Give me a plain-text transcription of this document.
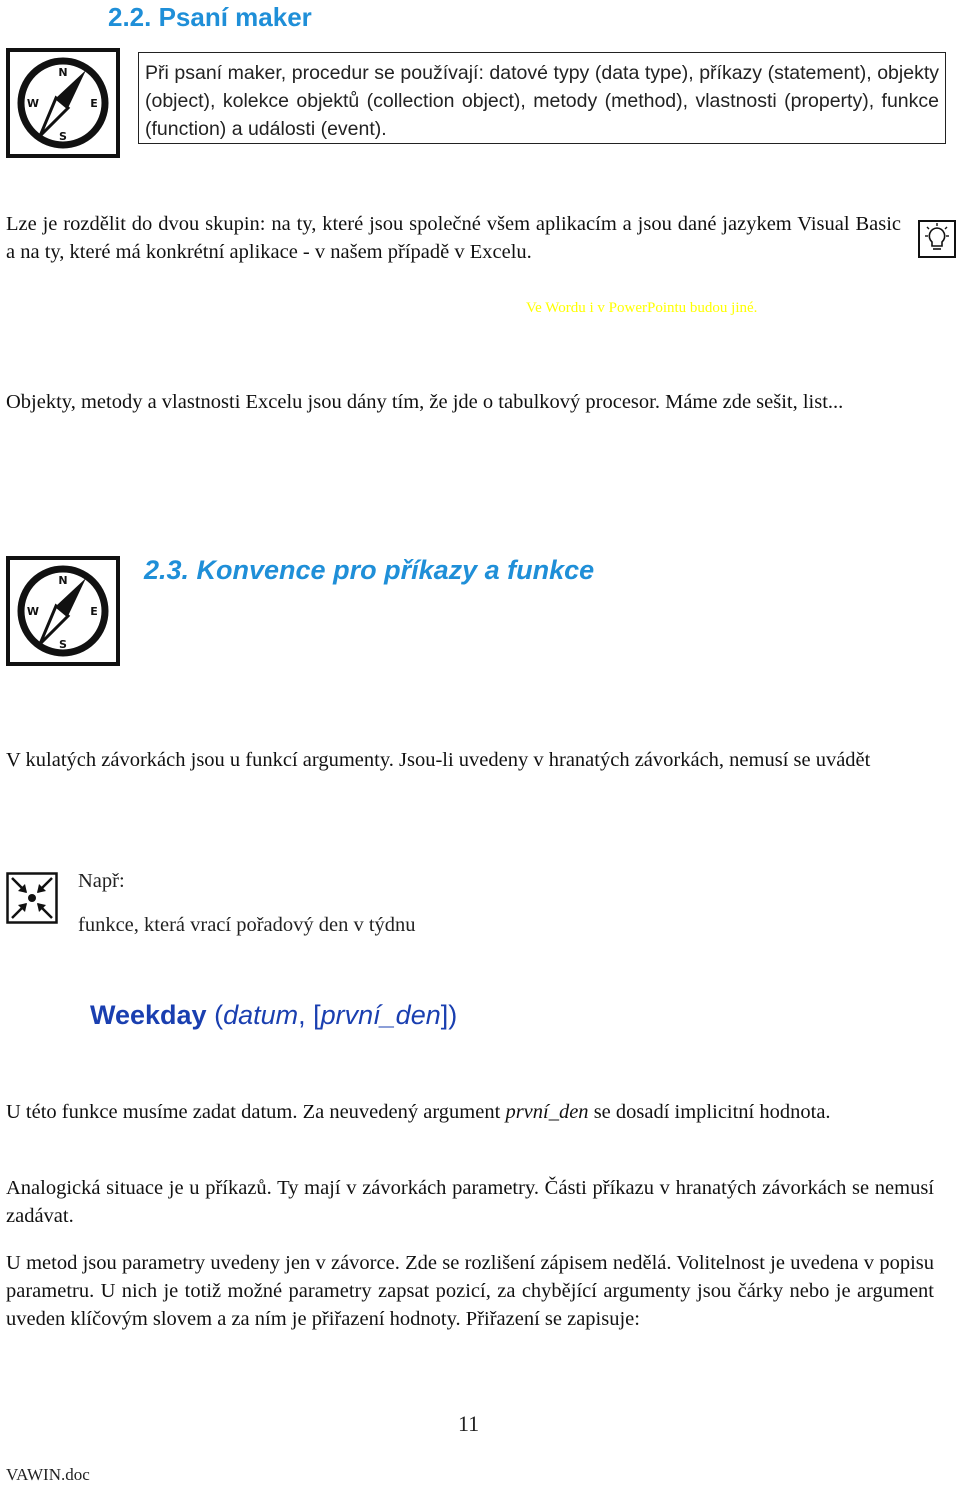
2.2. Psaní maker
N
S
W	E
Při psaní maker, procedur se používají: datové typy (data type), příkazy (statement), objekty (object), kolekce objektů (collection object), metody (method), vlastnosti (property), funkce (function) a události (event).
Lze je rozdělit do dvou skupin: na ty, které jsou společné všem aplikacím a jsou dané jazykem Visual Basic a na ty, které má konkrétní aplikace - v našem případě v Excelu.
Ve Wordu i v PowerPointu budou jiné.
Objekty, metody a vlastnosti Excelu jsou dány tím, že jde o tabulkový procesor. Máme zde sešit, list...
N
S
W	E
2.3. Konvence pro příkazy a funkce
V kulatých závorkách jsou u funkcí argumenty. Jsou-li uvedeny v hranatých závorkách, nemusí se uvádět
Např:
funkce, která vrací pořadový den v týdnu
Weekday (datum, [první_den])
U této funkce musíme zadat datum. Za neuvedený argument první_den se dosadí implicitní hodnota.
Analogická situace je u příkazů. Ty mají v závorkách parametry. Části příkazu v hranatých závorkách se nemusí zadávat.
U metod jsou parametry uvedeny jen v závorce. Zde se rozlišení zápisem nedělá. Volitelnost je uvedena v popisu parametru. U nich je totiž možné parametry zapsat pozicí, za chybějící argumenty jsou čárky nebo je argument uveden klíčovým slovem a za ním je přiřazení hodnoty. Přiřazení se zapisuje:
11
VAWIN.doc
